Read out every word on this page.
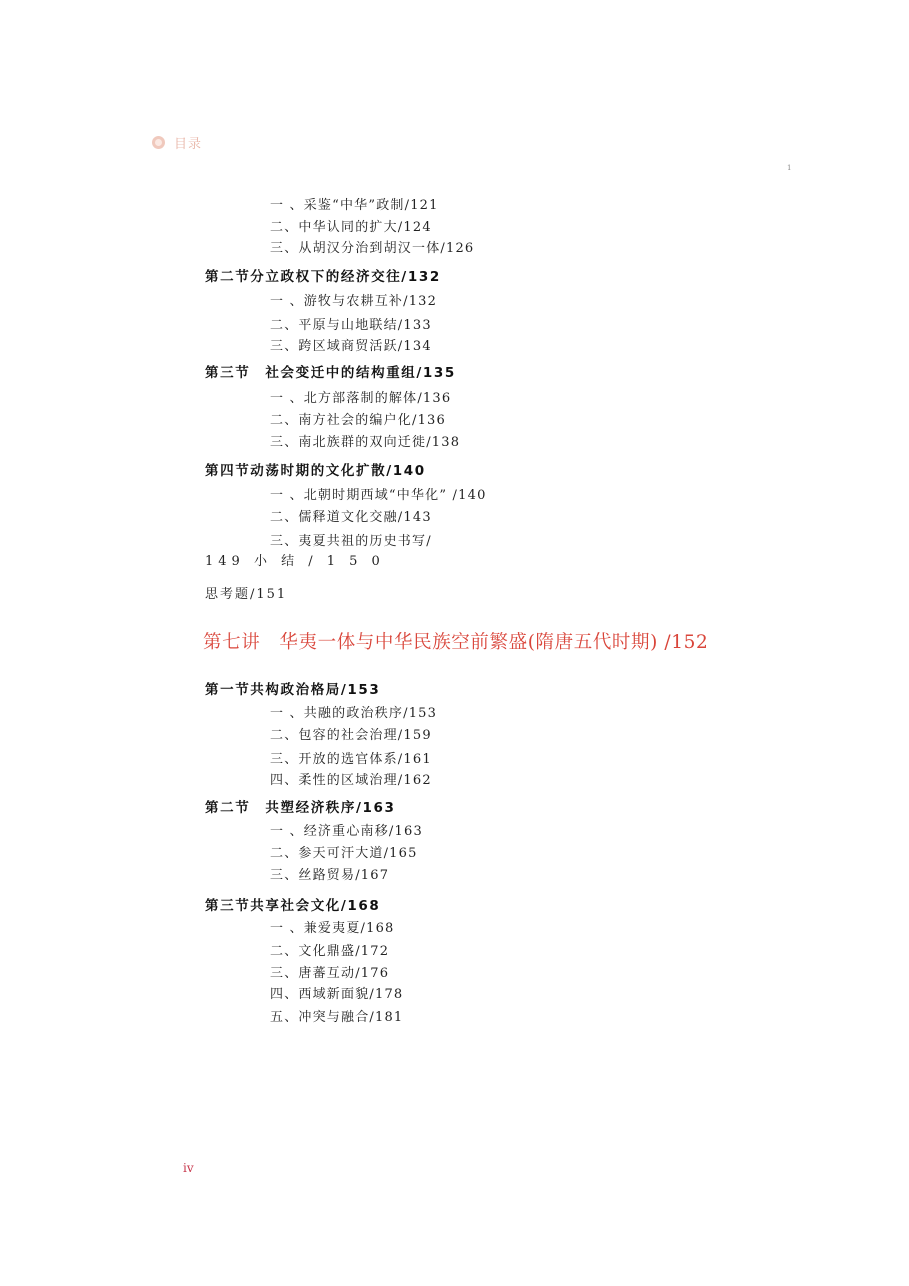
目录
1
一 、采鉴“中华”政制/121
二、中华认同的扩大/124
三、从胡汉分治到胡汉一体/126
第二节分立政权下的经济交往/132
一 、游牧与农耕互补/132
二、平原与山地联结/133
三、跨区域商贸活跃/134
第三节　社会变迁中的结构重组/135
一 、北方部落制的解体/136
二、南方社会的编户化/136
三、南北族群的双向迁徙/138
第四节动荡时期的文化扩散/140
一 、北朝时期西域“中华化” /140
二、儒释道文化交融/143
三、夷夏共祖的历史书写/
149 小 结 / 1 5 0
思考题/151
第七讲　华夷一体与中华民族空前繁盛(隋唐五代时期) /152
第一节共构政治格局/153
一 、共融的政治秩序/153
二、包容的社会治理/159
三、开放的选官体系/161
四、柔性的区域治理/162
第二节　共塑经济秩序/163
一 、经济重心南移/163
二、参天可汗大道/165
三、丝路贸易/167
第三节共享社会文化/168
一 、兼爱夷夏/168
二、文化鼎盛/172
三、唐蕃互动/176
四、西域新面貌/178
五、冲突与融合/181
iv
